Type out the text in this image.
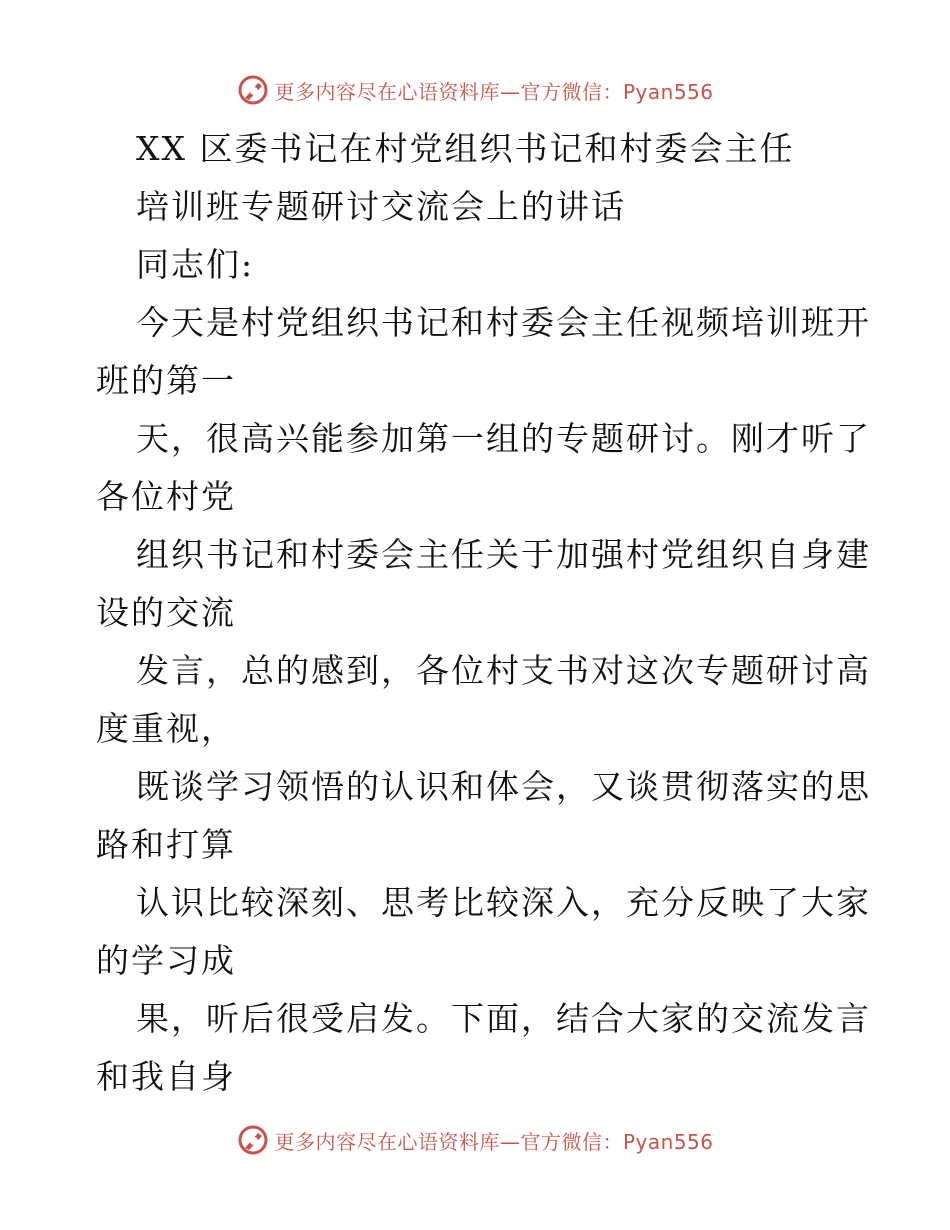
更多内容尽在心语资料库—官方微信：Pyan556
XX 区委书记在村党组织书记和村委会主任
培训班专题研讨交流会上的讲话
同志们:
今天是村党组织书记和村委会主任视频培训班开
班的第一
天，很高兴能参加第一组的专题研讨。刚才听了
各位村党
组织书记和村委会主任关于加强村党组织自身建
设的交流
发言，总的感到，各位村支书对这次专题研讨高
度重视，
既谈学习领悟的认识和体会，又谈贯彻落实的思
路和打算
认识比较深刻、思考比较深入，充分反映了大家
的学习成
果，听后很受启发。下面，结合大家的交流发言
和我自身
更多内容尽在心语资料库—官方微信：Pyan556
